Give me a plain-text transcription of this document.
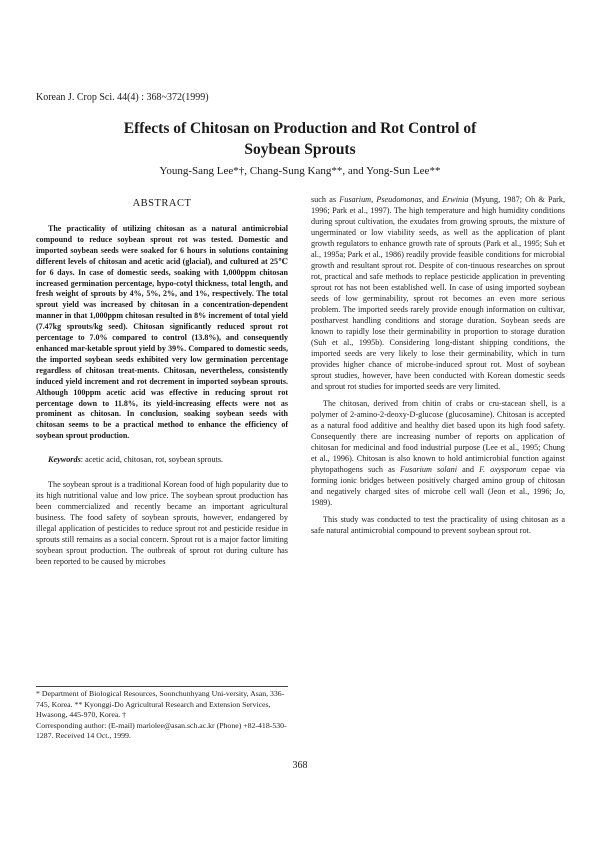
Korean J. Crop Sci. 44(4) : 368~372(1999)
Effects of Chitosan on Production and Rot Control of
Soybean Sprouts
Young-Sang Lee*†, Chang-Sung Kang**, and Yong-Sun Lee**
ABSTRACT

The practicality of utilizing chitosan as a natural antimicrobial compound to reduce soybean sprout rot was tested. Domestic and imported soybean seeds were soaked for 6 hours in solutions containing different levels of chitosan and acetic acid (glacial), and cultured at 25℃ for 6 days. In case of domestic seeds, soaking with 1,000ppm chitosan increased germination percentage, hypo-cotyl thickness, total length, and fresh weight of sprouts by 4%, 5%, 2%, and 1%, respectively. The total sprout yield was increased by chitosan in a concentration-dependent manner in that 1,000ppm chitosan resulted in 8% increment of total yield (7.47kg sprouts/kg seed). Chitosan significantly reduced sprout rot percentage to 7.0% compared to control (13.8%), and consequently enhanced mar-ketable sprout yield by 39%. Compared to domestic seeds, the imported soybean seeds exhibited very low germination percentage regardless of chitosan treat-ments. Chitosan, nevertheless, consistently induced yield increment and rot decrement in imported soybean sprouts. Although 100ppm acetic acid was effective in reducing sprout rot percentage down to 11.8%, its yield-increasing effects were not as prominent as chitosan. In conclusion, soaking soybean seeds with chitosan seems to be a practical method to enhance the efficiency of soybean sprout production.

Keywords: acetic acid, chitosan, rot, soybean sprouts.

The soybean sprout is a traditional Korean food of high popularity due to its high nutritional value and low price. The soybean sprout production has been commercialized and recently became an important agricultural business. The food safety of soybean sprouts, however, endangered by illegal application of pesticides to reduce sprout rot and pesticide residue in sprouts still remains as a social concern. Sprout rot is a major factor limiting soybean sprout production. The outbreak of sprout rot during culture has been reported to be caused by microbes

such as Fusarium, Pseudomonas, and Erwinia (Myung, 1987; Oh & Park, 1996; Park et al., 1997). The high temperature and high humidity conditions during sprout cultivation, the exudates from growing sprouts, the mixture of ungerminated or low viability seeds, as well as the application of plant growth regulators to enhance growth rate of sprouts (Park et al., 1995; Suh et al., 1995a; Park et al., 1986) readily provide feasible conditions for microbial growth and resultant sprout rot. Despite of con-tinuous researches on sprout rot, practical and safe methods to replace pesticide application in preventing sprout rot has not been established well. In case of using imported soybean seeds of low germinability, sprout rot becomes an even more serious problem. The imported seeds rarely provide enough information on cultivar, postharvest handling conditions and storage duration. Soybean seeds are known to rapidly lose their germinability in proportion to storage duration (Suh et al., 1995b). Considering long-distant shipping conditions, the imported seeds are very likely to lose their germinability, which in turn provides higher chance of microbe-induced sprout rot. Most of soybean sprout studies, however, have been conducted with Korean domestic seeds and sprout rot studies for imported seeds are very limited.

The chitosan, derived from chitin of crabs or cru-stacean shell, is a polymer of 2-amino-2-deoxy-D-glucose (glucosamine). Chitosan is accepted as a natural food additive and healthy diet based upon its high food safety. Consequently there are increasing number of reports on application of chitosan for medicinal and food industrial purpose (Lee et al., 1995; Chung et al., 1996). Chitosan is also known to hold antimicrobial function against phytopathogens such as Fusarium solani and F. oxysporum cepae via forming ionic bridges between positively charged amino group of chitosan and negatively charged sites of microbe cell wall (Jeon et al., 1996; Jo, 1989).

This study was conducted to test the practicality of using chitosan as a safe natural antimicrobial compound to prevent soybean sprout rot.

* Department of Biological Resources, Soonchunhyang Uni-versity, Asan, 336-745, Korea. ** Kyonggi-Do Agricultural Research and Extension Services, Hwasong, 445-970, Korea. †

Corresponding author: (E-mail) mariolee@asan.sch.ac.kr (Phone) +82-418-530-1287. Received 14 Oct., 1999.

368
